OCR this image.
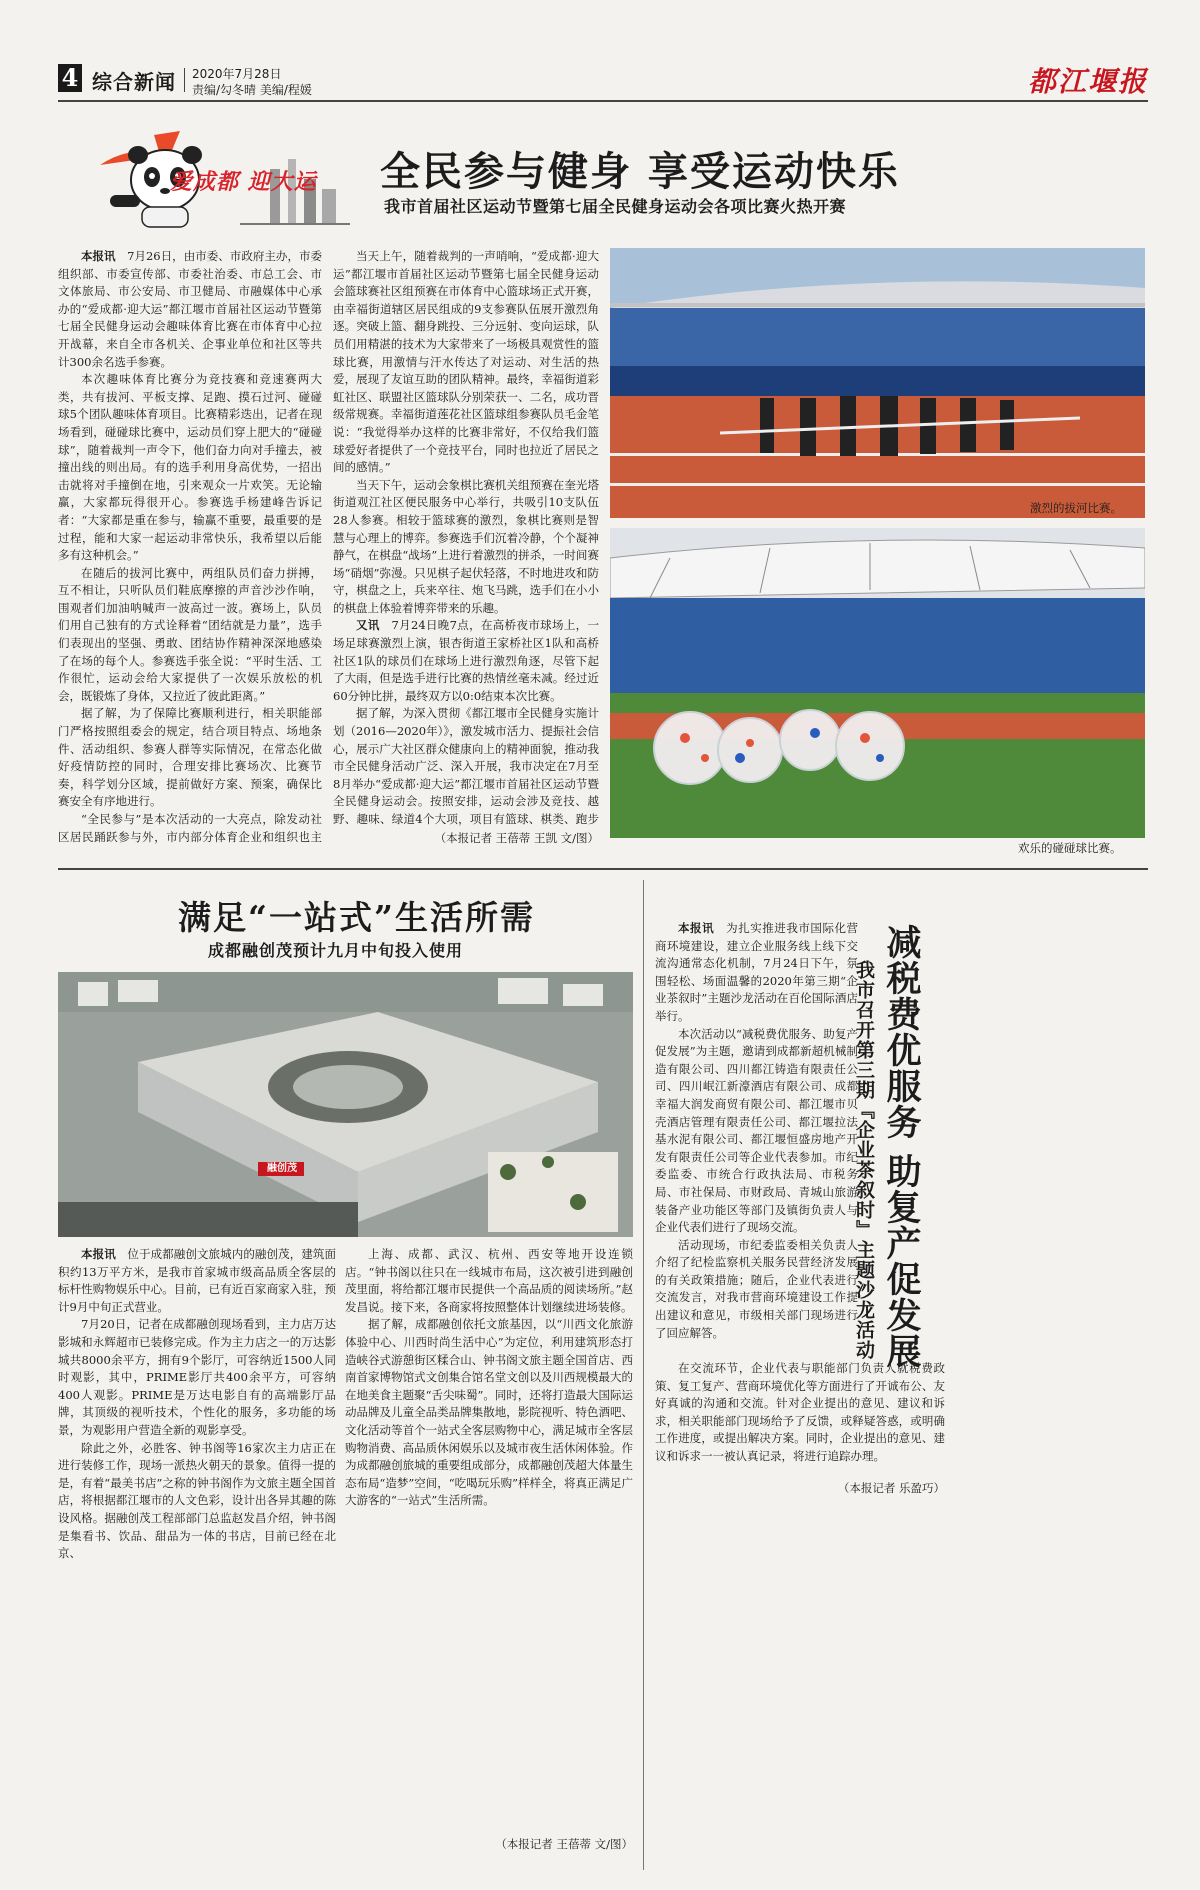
4 综合新闻 2020年7月28日
责编/勾冬晴 美编/程媛	都江堰报
爱成都 迎大运 全民参与健身 享受运动快乐
我市首届社区运动节暨第七届全民健身运动会各项比赛火热开赛

本报讯　7月26日，由市委、市政府主办，市委组织部、市委宣传部、市委社治委、市总工会、市文体旅局、市公安局、市卫健局、市融媒体中心承办的“爱成都·迎大运”都江堰市首届社区运动节暨第七届全民健身运动会趣味体育比赛在市体育中心拉开战幕，来自全市各机关、企事业单位和社区等共计300余名选手参赛。

本次趣味体育比赛分为竞技赛和竞速赛两大类，共有拔河、平板支撑、足跑、摸石过河、碰碰球5个团队趣味体育项目。比赛精彩迭出，记者在现场看到，碰碰球比赛中，运动员们穿上肥大的“碰碰球”，随着裁判一声令下，他们奋力向对手撞去，被撞出线的则出局。有的选手利用身高优势，一招出击就将对手撞倒在地，引来观众一片欢笑。无论输赢，大家都玩得很开心。参赛选手杨建峰告诉记者：“大家都是重在参与，输赢不重要，最重要的是过程，能和大家一起运动非常快乐，我希望以后能多有这种机会。”

在随后的拔河比赛中，两组队员们奋力拼搏，互不相让，只听队员们鞋底摩擦的声音沙沙作响，围观者们加油呐喊声一波高过一波。赛场上，队员们用自己独有的方式诠释着“团结就是力量”，选手们表现出的坚强、勇敢、团结协作精神深深地感染了在场的每个人。参赛选手张全说：“平时生活、工作很忙，运动会给大家提供了一次娱乐放松的机会，既锻炼了身体，又拉近了彼此距离。”

据了解，为了保障比赛顺利进行，相关职能部门严格按照组委会的规定，结合项目特点、场地条件、活动组织、参赛人群等实际情况，在常态化做好疫情防控的同时，合理安排比赛场次、比赛节奏，科学划分区域，提前做好方案、预案，确保比赛安全有序地进行。

“全民参与”是本次活动的一大亮点，除发动社区居民踊跃参与外，市内部分体育企业和组织也主

当天上午，随着裁判的一声哨响，“爱成都·迎大运”都江堰市首届社区运动节暨第七届全民健身运动会篮球赛社区组预赛在市体育中心篮球场正式开赛，由幸福街道辖区居民组成的9支参赛队伍展开激烈角逐。突破上篮、翻身跳投、三分远射、变向运球，队员们用精湛的技术为大家带来了一场极具观赏性的篮球比赛，用激情与汗水传达了对运动、对生活的热爱，展现了友谊互助的团队精神。最终，幸福街道彩虹社区、联盟社区篮球队分别荣获一、二名，成功晋级常规赛。幸福街道莲花社区篮球组参赛队员毛金笔说：“我觉得举办这样的比赛非常好，不仅给我们篮球爱好者提供了一个竞技平台，同时也拉近了居民之间的感情。”

当天下午，运动会象棋比赛机关组预赛在奎光塔街道观江社区便民服务中心举行，共吸引10支队伍28人参赛。相较于篮球赛的激烈，象棋比赛则是智慧与心理上的博弈。参赛选手们沉着冷静，个个凝神静气，在棋盘“战场”上进行着激烈的拼杀，一时间赛场“硝烟”弥漫。只见棋子起伏轻落，不时地进攻和防守，棋盘之上，兵来卒往、炮飞马跳，选手们在小小的棋盘上体验着博弈带来的乐趣。

又讯　7月24日晚7点，在高桥夜市球场上，一场足球赛激烈上演，银杏街道王家桥社区1队和高桥社区1队的球员们在球场上进行激烈角逐，尽管下起了大雨，但是选手进行比赛的热情丝毫未减。经过近60分钟比拼，最终双方以0:0结束本次比赛。

据了解，为深入贯彻《都江堰市全民健身实施计划（2016—2020年）》，激发城市活力、提振社会信心，展示广大社区群众健康向上的精神面貌，推动我市全民健身活动广泛、深入开展，我市决定在7月至8月举办“爱成都·迎大运”都江堰市首届社区运动节暨全民健身运动会。按照安排，运动会涉及竞技、越野、趣味、绿道4个大项，项目有篮球、棋类、跑步

（本报记者 王蓓蒂 王凯 文/图）
激烈的拔河比赛。
欢乐的碰碰球比赛。
满足“一站式”生活所需
成都融创茂预计九月中旬投入使用
融创茂

本报讯　位于成都融创文旅城内的融创茂，建筑面积约13万平方米，是我市首家城市级高品质全客层的标杆性购物娱乐中心。目前，已有近百家商家入驻，预计9月中旬正式营业。

7月20日，记者在成都融创现场看到，主力店万达影城和永辉超市已装修完成。作为主力店之一的万达影城共8000余平方，拥有9个影厅，可容纳近1500人同时观影，其中，PRIME影厅共400余平方，可容纳400人观影。PRIME是万达电影自有的高端影厅品牌，其顶级的视听技术，个性化的服务，多功能的场景，为观影用户营造全新的观影享受。

除此之外，必胜客、钟书阁等16家次主力店正在进行装修工作，现场一派热火朝天的景象。值得一提的是，有着“最美书店”之称的钟书阁作为文旅主题全国首店，将根据都江堰市的人文色彩，设计出各异其趣的陈设风格。据融创茂工程部部门总监赵发昌介绍，钟书阁是集看书、饮品、甜品为一体的书店，目前已经在北京、

上海、成都、武汉、杭州、西安等地开设连锁店。“钟书阁以往只在一线城市布局，这次被引进到融创茂里面，将给都江堰市民提供一个高品质的阅读场所。”赵发昌说。接下来，各商家将按照整体计划继续进场装修。

据了解，成都融创依托文旅基因，以“川西文化旅游体验中心、川西时尚生活中心”为定位，利用建筑形态打造峡谷式游憩街区糅合山、钟书阁文旅主题全国首店、西南首家博物馆式文创集合馆名堂文创以及川西规模最大的在地美食主题聚“舌尖味蜀”。同时，还将打造最大国际运动品牌及儿童全品类品牌集散地，影院视听、特色酒吧、文化活动等首个一站式全客层购物中心，满足城市全客层购物消费、高品质休闲娱乐以及城市夜生活休闲体验。作为成都融创旅城的重要组成部分，成都融创茂超大体量生态布局“造梦”空间，“吃喝玩乐购”样样全，将真正满足广大游客的“一站式”生活所需。

（本报记者 王蓓蒂 文/图）

本报讯　为扎实推进我市国际化营商环境建设，建立企业服务线上线下交流沟通常态化机制，7月24日下午，氛围轻松、场面温馨的2020年第三期“企业茶叙时”主题沙龙活动在百伦国际酒店举行。

本次活动以“减税费优服务、助复产促发展”为主题，邀请到成都新超机械制造有限公司、四川都江铸造有限责任公司、四川岷江新濠酒店有限公司、成都幸福大润发商贸有限公司、都江堰市贝壳酒店管理有限责任公司、都江堰拉法基水泥有限公司、都江堰恒盛房地产开发有限责任公司等企业代表参加。市纪委监委、市统合行政执法局、市税务局、市社保局、市财政局、青城山旅游装备产业功能区等部门及镇街负责人与企业代表们进行了现场交流。

活动现场，市纪委监委相关负责人介绍了纪检监察机关服务民营经济发展的有关政策措施；随后，企业代表进行交流发言，对我市营商环境建设工作提出建议和意见，市级相关部门现场进行了回应解答。	减税费优服务 助复产促发展
我市召开第三期『企业茶叙时』主题沙龙活动

在交流环节，企业代表与职能部门负责人就税费政策、复工复产、营商环境优化等方面进行了开诚布公、友好真诚的沟通和交流。针对企业提出的意见、建议和诉求，相关职能部门现场给予了反馈，或释疑答惑，或明确工作进度，或提出解决方案。同时，企业提出的意见、建议和诉求一一被认真记录，将进行追踪办理。

（本报记者 乐盈巧）
